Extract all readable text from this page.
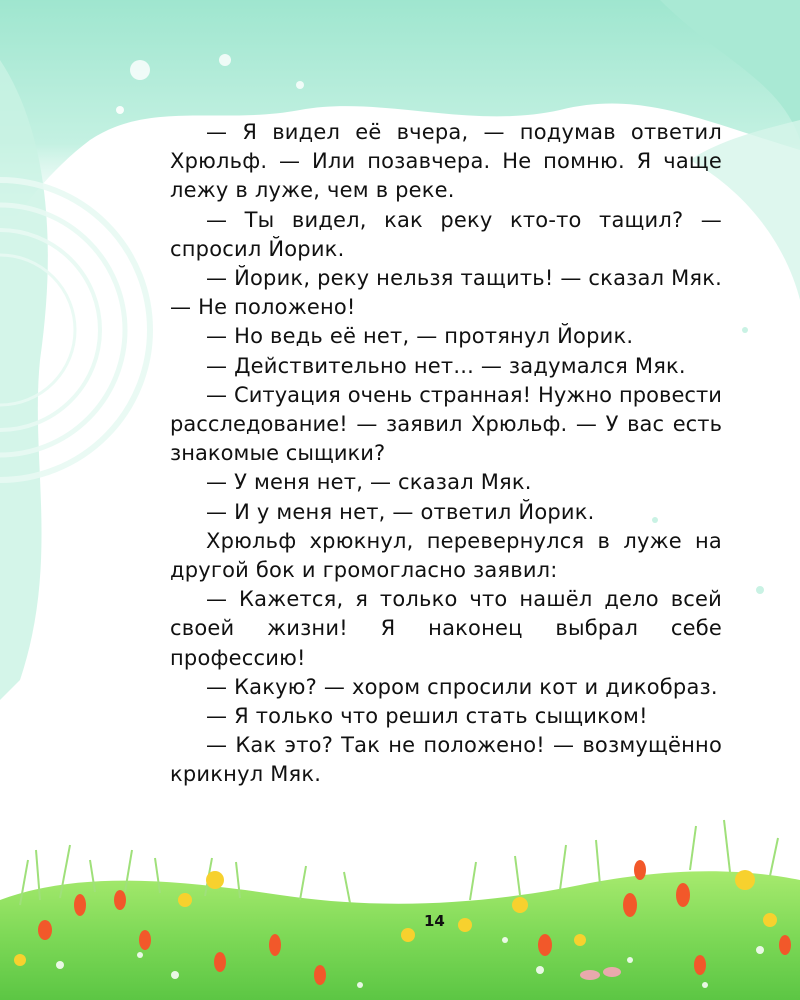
— Я видел её вчера, — подумав ответил Хрюльф. — Или позавчера. Не помню. Я чаще лежу в луже, чем в реке.

— Ты видел, как реку кто-то тащил? — спросил Йорик.

— Йорик, реку нельзя тащить! — сказал Мяк. — Не положено!

— Но ведь её нет, — протянул Йорик.

— Действительно нет... — задумался Мяк.

— Ситуация очень странная! Нужно провести расследование! — заявил Хрюльф. — У вас есть знакомые сыщики?

— У меня нет, — сказал Мяк.

— И у меня нет, — ответил Йорик.

Хрюльф хрюкнул, перевернулся в луже на другой бок и громогласно заявил:

— Кажется, я только что нашёл дело всей своей жизни! Я наконец выбрал себе профессию!

— Какую? — хором спросили кот и дикобраз.

— Я только что решил стать сыщиком!

— Как это? Так не положено! — возмущённо крикнул Мяк.

14
